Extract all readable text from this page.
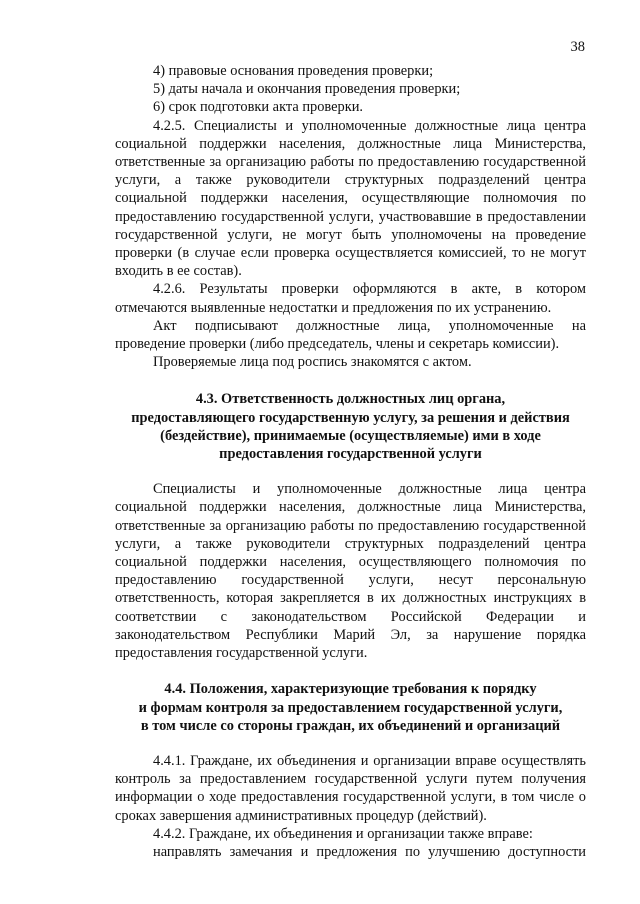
38

4) правовые основания проведения проверки;

5) даты начала и окончания проведения проверки;

6) срок подготовки акта проверки.

4.2.5. Специалисты и уполномоченные должностные лица центра социальной поддержки населения, должностные лица Министерства, ответственные за организацию работы по предоставлению государственной услуги, а также руководители структурных подразделений центра социальной поддержки населения, осуществляющие полномочия по предоставлению государственной услуги, участвовавшие в предоставлении государственной услуги, не могут быть уполномочены на проведение проверки (в случае если проверка осуществляется комиссией, то не могут входить в ее состав).

4.2.6. Результаты проверки оформляются в акте, в котором отмечаются выявленные недостатки и предложения по их устранению.

Акт подписывают должностные лица, уполномоченные на проведение проверки (либо председатель, члены и секретарь комиссии).

Проверяемые лица под роспись знакомятся с актом.

4.3. Ответственность должностных лиц органа,
предоставляющего государственную услугу, за решения и действия
(бездействие), принимаемые (осуществляемые) ими в ходе
предоставления государственной услуги

Специалисты и уполномоченные должностные лица центра социальной поддержки населения, должностные лица Министерства, ответственные за организацию работы по предоставлению государственной услуги, а также руководители структурных подразделений центра социальной поддержки населения, осуществляющего полномочия по предоставлению государственной услуги, несут персональную ответственность, которая закрепляется в их должностных инструкциях в соответствии с законодательством Российской Федерации и законодательством Республики Марий Эл, за нарушение порядка предоставления государственной услуги.

4.4. Положения, характеризующие требования к порядку
и формам контроля за предоставлением государственной услуги,
в том числе со стороны граждан, их объединений и организаций

4.4.1. Граждане, их объединения и организации вправе осуществлять контроль за предоставлением государственной услуги путем получения информации о ходе предоставления государственной услуги, в том числе о сроках завершения административных процедур (действий).

4.4.2. Граждане, их объединения и организации также вправе:

направлять замечания и предложения по улучшению доступности
